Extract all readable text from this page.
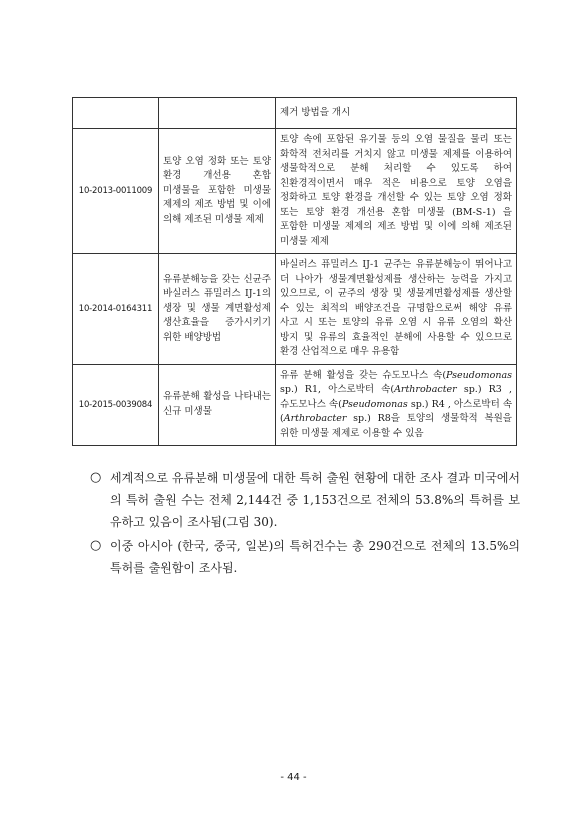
		제거 방법을 개시
10-2013-0011009	토양 오염 정화 또는 토양 환경 개선용 혼합 미생물을 포함한 미생물 제제의 제조 방법 및 이에 의해 제조된 미생물 제제	토양 속에 포함된 유기물 등의 오염 물질을 물리 또는 화학적 전처리를 거치지 않고 미생물 제제를 이용하여 생물학적으로 분해 처리할 수 있도록 하여 친환경적이면서 매우 적은 비용으로 토양 오염을 정화하고 토양 환경을 개선할 수 있는 토양 오염 정화 또는 토양 환경 개선용 혼합 미생물 (BM-S-1) 을 포함한 미생물 제제의 제조 방법 및 이에 의해 제조된 미생물 제제
10-2014-0164311	유류분해능을 갖는 신균주 바실러스 퓨밀러스 IJ-1의 생장 및 생물 계면활성제 생산효율을 증가시키기 위한 배양방법	바실러스 퓨밀러스 IJ-1 균주는 유류분해능이 뛰어나고 더 나아가 생물계면활성제를 생산하는 능력을 가지고 있으므로, 이 균주의 생장 및 생물계면활성제를 생산할 수 있는 최적의 배양조건을 규명함으로써 해양 유류 사고 시 또는 토양의 유류 오염 시 유류 오염의 확산 방지 및 유류의 효율적인 분해에 사용할 수 있으므로 환경 산업적으로 매우 유용함
10-2015-0039084	유류분해 활성을 나타내는 신규 미생물	유류 분해 활성을 갖는 슈도모나스 속(Pseudomonas sp.) R1, 아스로박터 속(Arthrobacter sp.) R3 , 슈도모나스 속(Pseudomonas sp.) R4 , 아스로박터 속(Arthrobacter sp.) R8을 토양의 생물학적 복원을 위한 미생물 제제로 이용할 수 있음
○ 세계적으로 유류분해 미생물에 대한 특허 출원 현황에 대한 조사 결과 미국에서의 특허 출원 수는 전체 2,144건 중 1,153건으로 전체의 53.8%의 특허를 보유하고 있음이 조사됨(그림 30).
○ 이중 아시아 (한국, 중국, 일본)의 특허건수는 총 290건으로 전체의 13.5%의 특허를 출원함이 조사됨.
- 44 -
